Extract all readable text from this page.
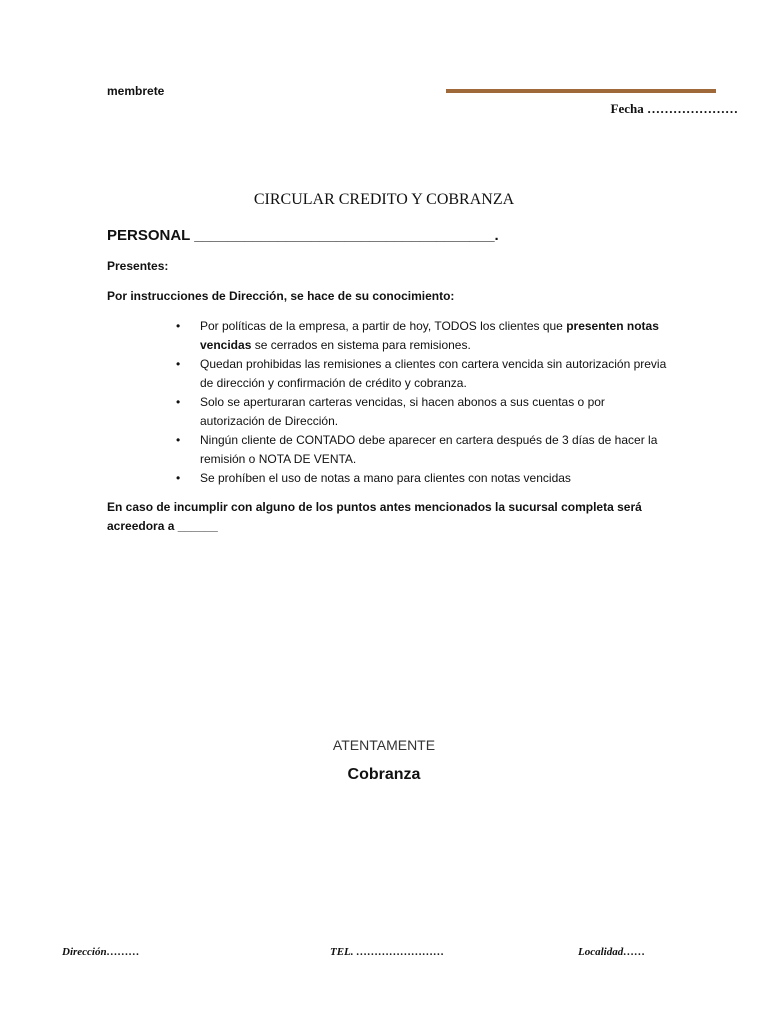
membrete
Fecha …………………
CIRCULAR CREDITO Y COBRANZA
PERSONAL ____________________________________.
Presentes:
Por instrucciones de Dirección, se hace de su conocimiento:
• Por políticas de la empresa, a partir de hoy, TODOS los clientes que presenten notas vencidas se cerrados en sistema para remisiones.
• Quedan prohibidas las remisiones a clientes con cartera vencida sin autorización previa de dirección y confirmación de crédito y cobranza.
• Solo se aperturaran carteras vencidas, si hacen abonos a sus cuentas o por autorización de Dirección.
• Ningún cliente de CONTADO debe aparecer en cartera después de 3 días de hacer la remisión o NOTA DE VENTA.
• Se prohíben el uso de notas a mano para clientes con notas vencidas
En caso de incumplir con alguno de los puntos antes mencionados la sucursal completa será acreedora a ______
ATENTAMENTE
Cobranza
Dirección………	TEL. ……………………	Localidad……
